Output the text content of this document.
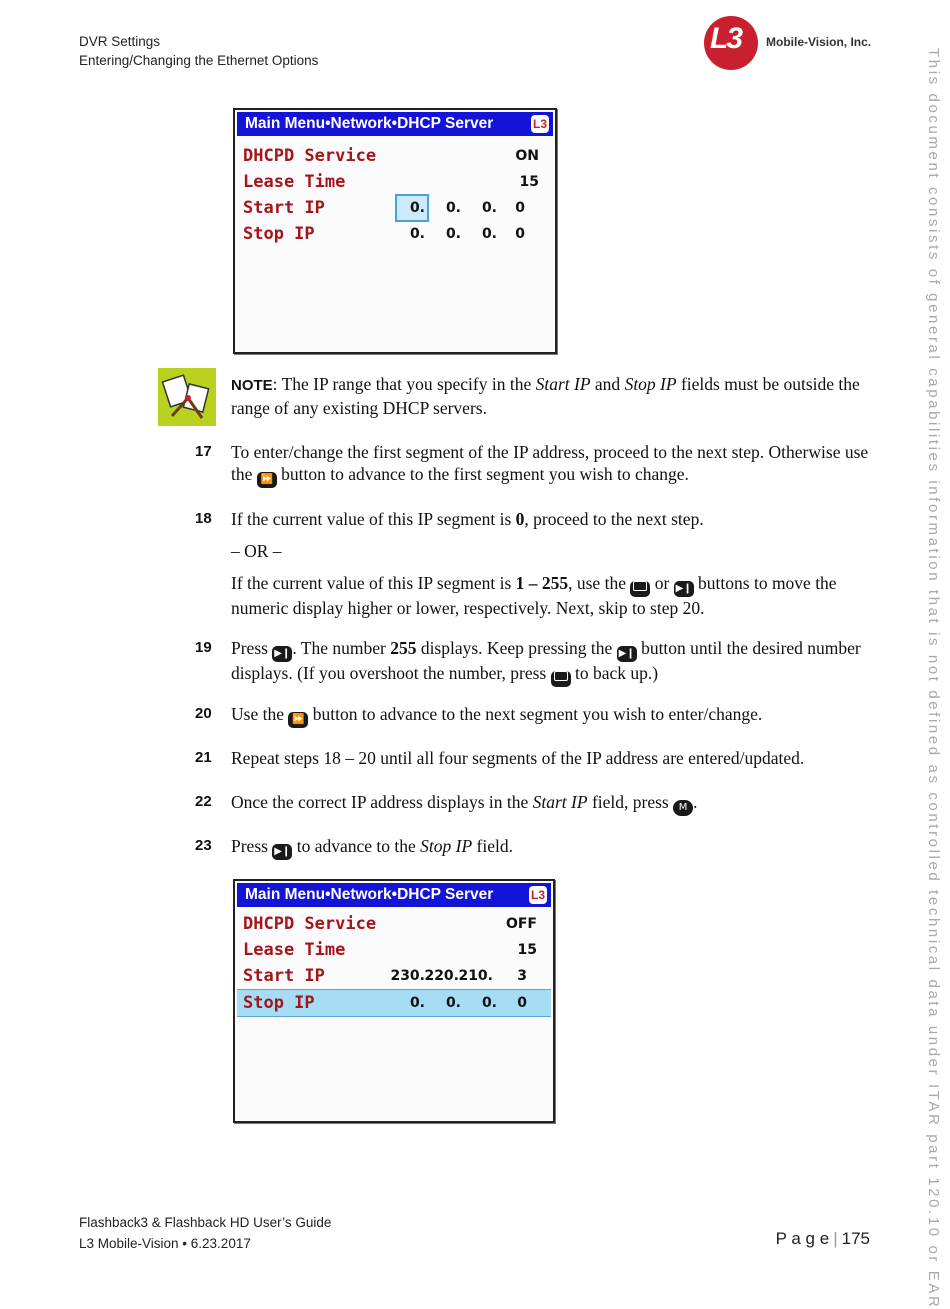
DVR Settings
Entering/Changing the Ethernet Options
L3 Mobile-Vision, Inc.
This document consists of general capabilities information that is not defined as controlled technical data under ITAR part 120.10 or EAR
Main Menu•Network•DHCP Server	L3
DHCPD Service	ON
Lease Time	15
Start IP	0.	0.	0.	0
Stop IP	0.	0.	0.	0
NOTE: The IP range that you specify in the Start IP and Stop IP fields must be outside the range of any existing DHCP servers.
17 To enter/change the first segment of the IP address, proceed to the next step. Otherwise use the ⏩ button to advance to the first segment you wish to change.
18 If the current value of this IP segment is 0, proceed to the next step.
– OR –
If the current value of this IP segment is 1 – 255, use the  or ▶❙ buttons to move the numeric display higher or lower, respectively. Next, skip to step 20.
19 Press ▶❙ . The number 255 displays. Keep pressing the ▶❙ button until the desired number displays. (If you overshoot the number, press  to back up.)
20 Use the ⏩ button to advance to the next segment you wish to enter/change.
21 Repeat steps 18 – 20 until all four segments of the IP address are entered/updated.
22 Once the correct IP address displays in the Start IP field, press M .
23 Press ▶❙ to advance to the Stop IP field.
Main Menu•Network•DHCP Server	L3
DHCPD Service	OFF
Lease Time	15
Start IP	230. 220. 210.	3
Stop IP	0.	0.	0.	0
Flashback3 & Flashback HD User’s Guide
L3 Mobile-Vision • 6.23.2017	P a g e | 175
